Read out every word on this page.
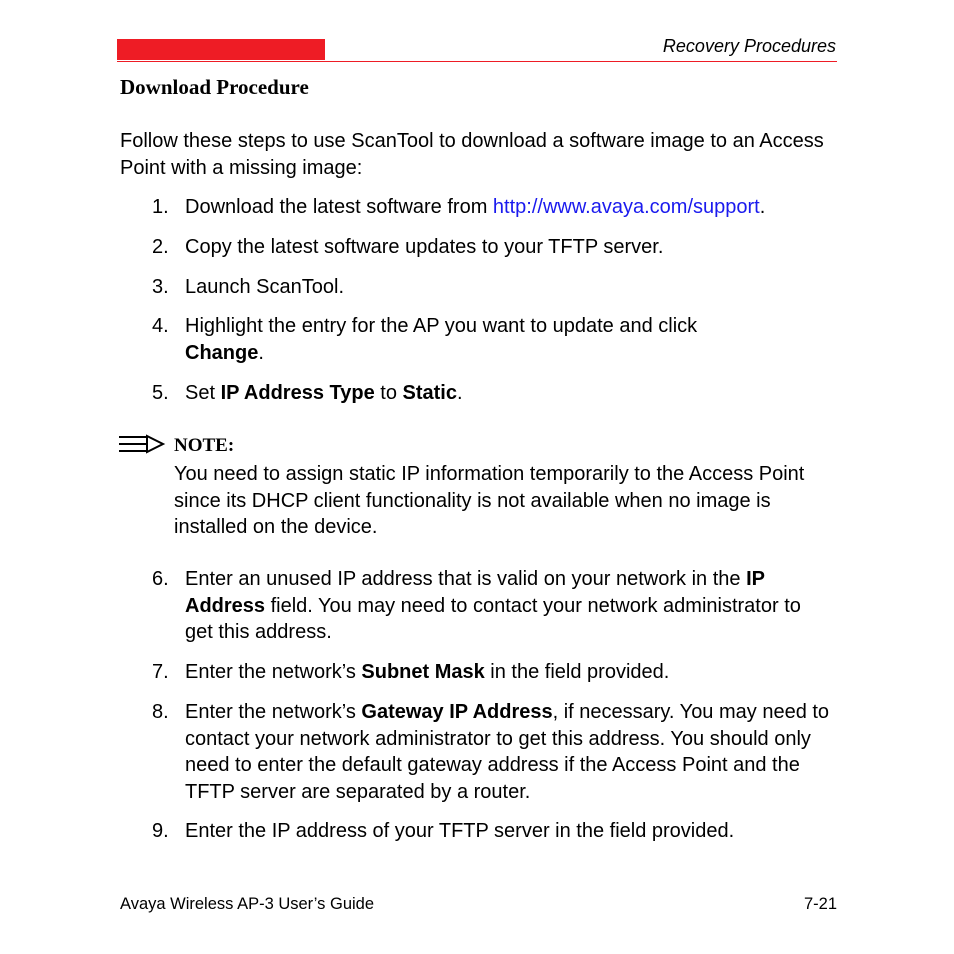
Recovery Procedures
Download Procedure
Follow these steps to use ScanTool to download a software image to an Access Point with a missing image:
1. Download the latest software from http://www.avaya.com/support.
2. Copy the latest software updates to your TFTP server.
3. Launch ScanTool.
4. Highlight the entry for the AP you want to update and click Change.
5. Set IP Address Type to Static.
NOTE:
You need to assign static IP information temporarily to the Access Point since its DHCP client functionality is not available when no image is installed on the device.
6. Enter an unused IP address that is valid on your network in the IP Address field. You may need to contact your network administrator to get this address.
7. Enter the network’s Subnet Mask in the field provided.
8. Enter the network’s Gateway IP Address, if necessary. You may need to contact your network administrator to get this address. You should only need to enter the default gateway address if the Access Point and the TFTP server are separated by a router.
9. Enter the IP address of your TFTP server in the field provided.
Avaya Wireless AP-3 User’s Guide	7-21
